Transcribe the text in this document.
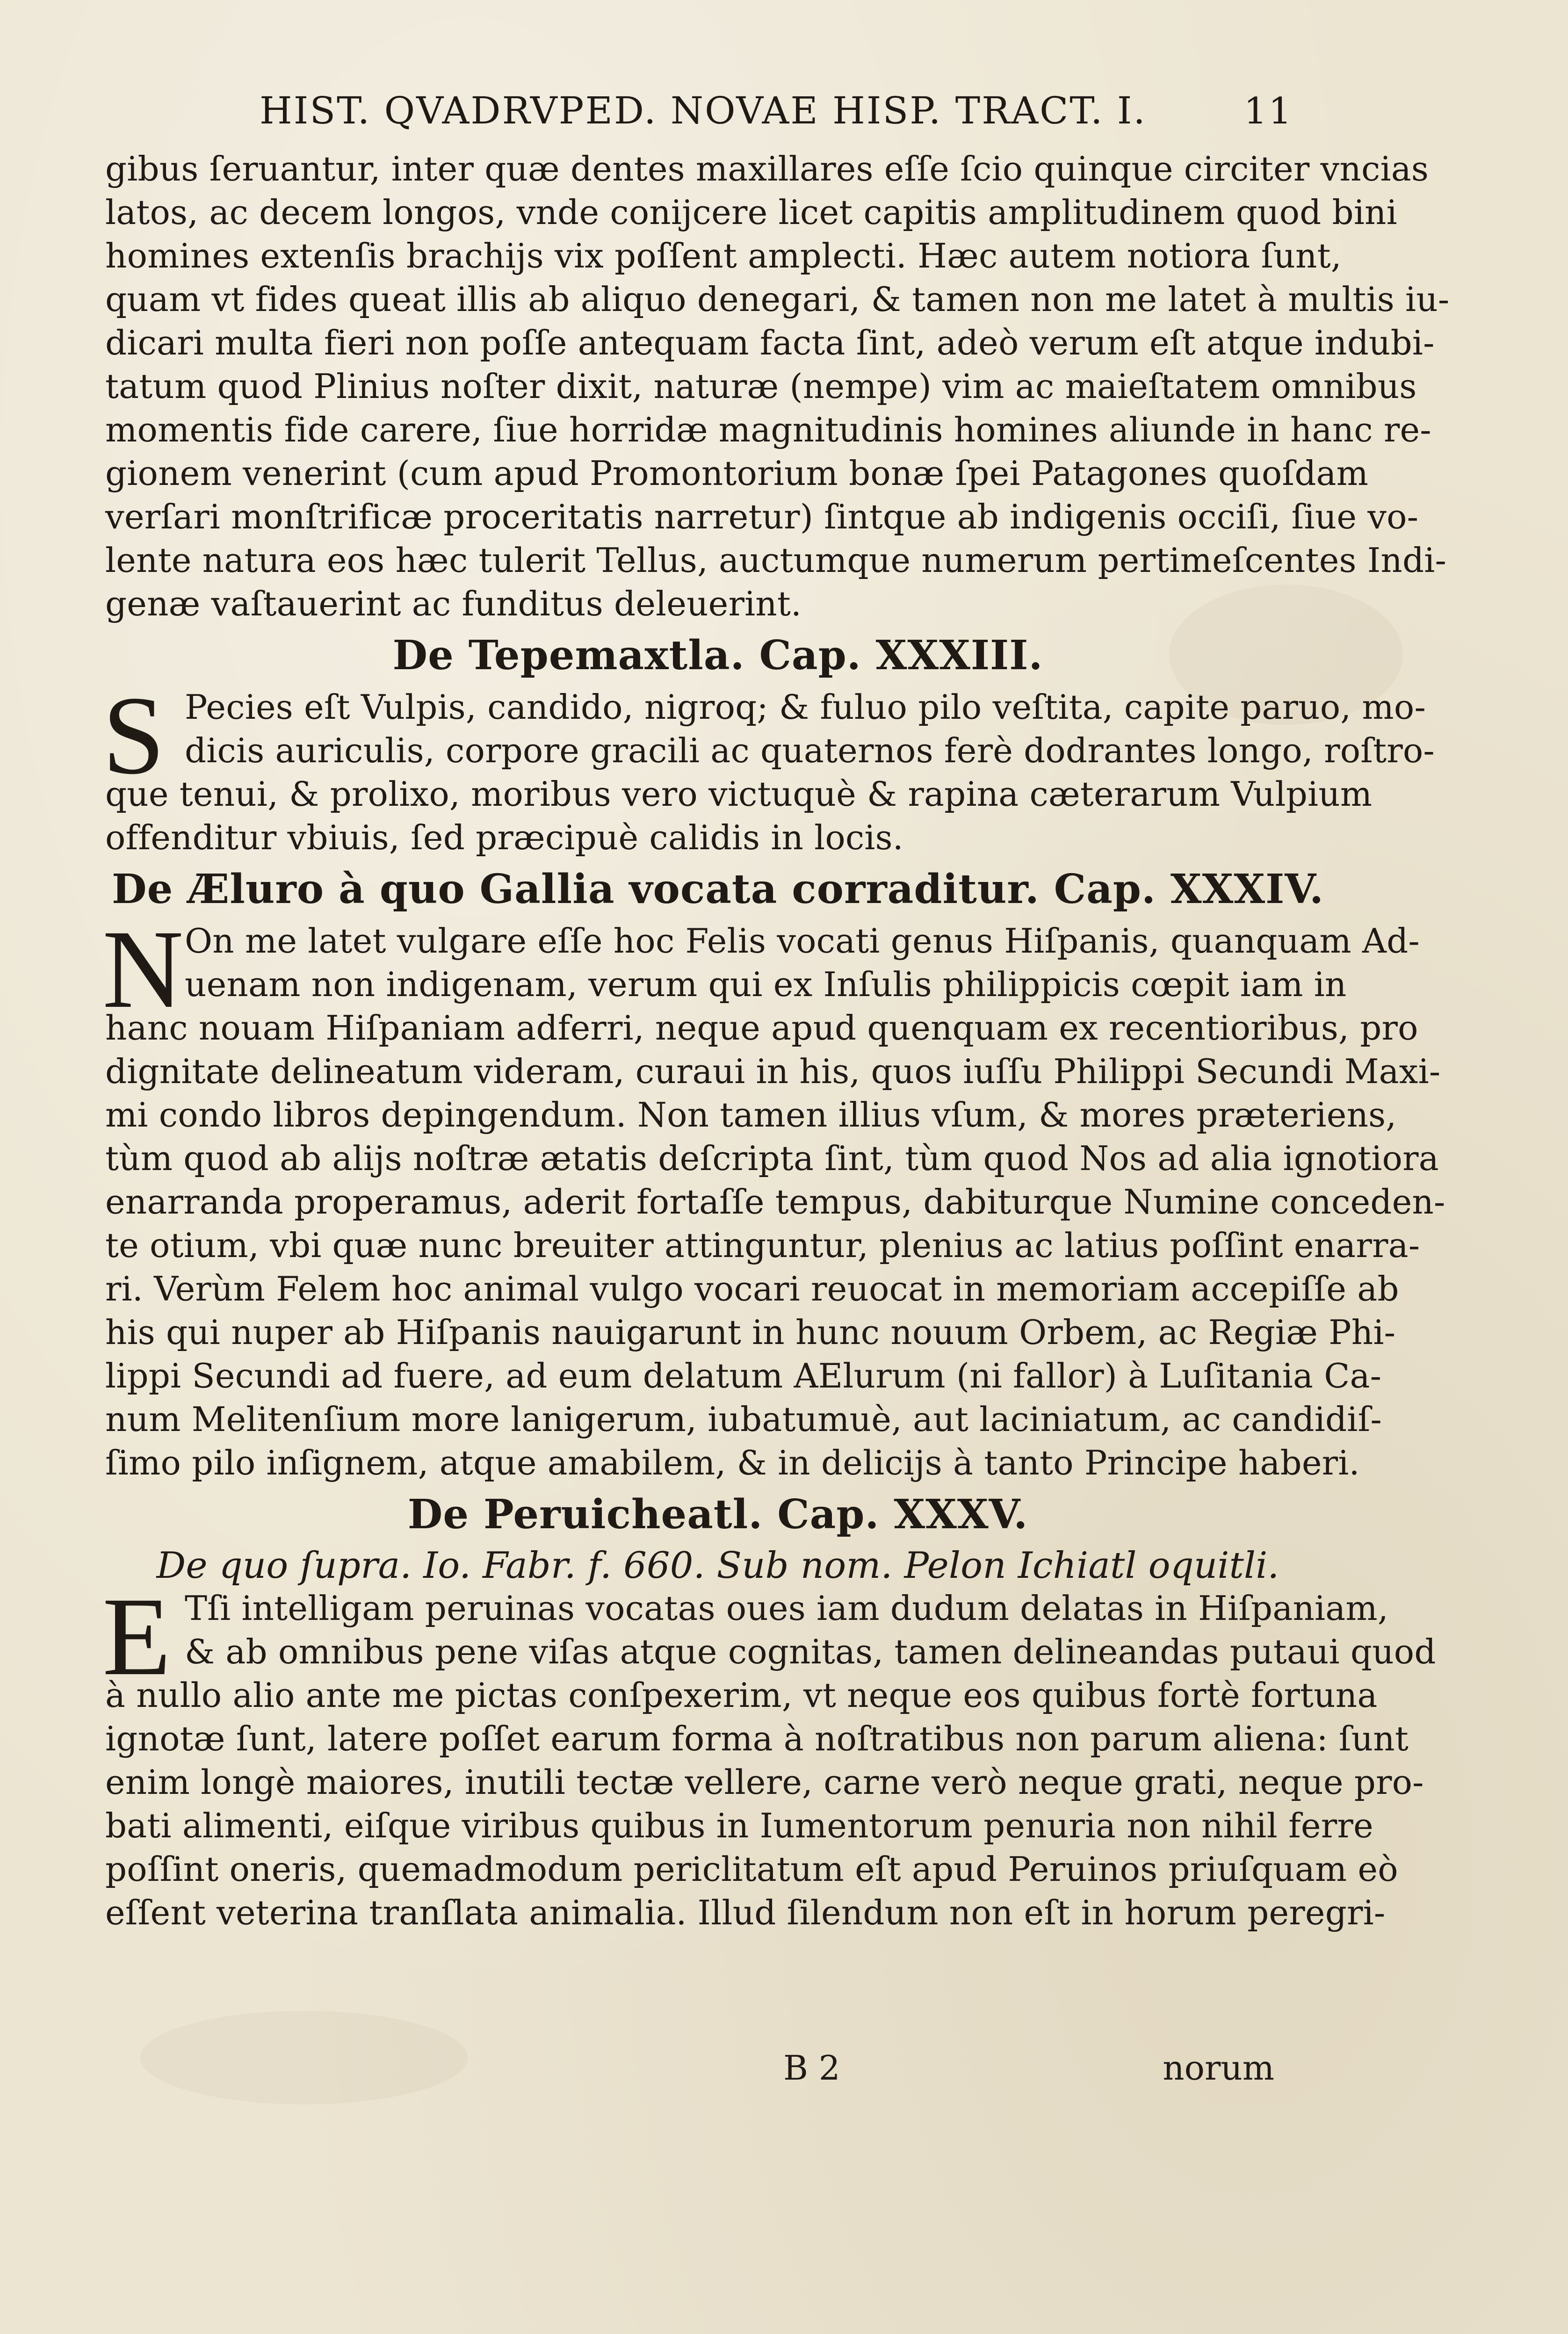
HIST. QVADRVPED. NOVAE HISP. TRACT. I.	11
gibus ſeruantur, inter quæ dentes maxillares eſſe ſcio quinque circiter vncias
latos, ac decem longos, vnde conijcere licet capitis amplitudinem quod bini
homines extenſis brachijs vix poſſent amplecti. Hæc autem notiora ſunt,
quam vt fides queat illis ab aliquo denegari, & tamen non me latet à multis iu-
dicari multa fieri non poſſe antequam facta ſint, adeò verum eſt atque indubi-
tatum quod Plinius noſter dixit, naturæ (nempe) vim ac maieſtatem omnibus
momentis fide carere, ſiue horridæ magnitudinis homines aliunde in hanc re-
gionem venerint (cum apud Promontorium bonæ ſpei Patagones quoſdam
verſari monſtrificæ proceritatis narretur) ſintque ab indigenis occiſi, ſiue vo-
lente natura eos hæc tulerit Tellus, auctumque numerum pertimeſcentes Indi-
genæ vaſtauerint ac funditus deleuerint.
De Tepemaxtla. Cap. XXXIII.
S Pecies eſt Vulpis, candido, nigroq; & fuluo pilo veſtita, capite paruo, mo-
dicis auriculis, corpore gracili ac quaternos ferè dodrantes longo, roſtro-
que tenui, & prolixo, moribus vero victuquè & rapina cæterarum Vulpium
offenditur vbiuis, ſed præcipuè calidis in locis.
De Æluro à quo Gallia vocata corraditur. Cap. XXXIV.
N On me latet vulgare eſſe hoc Felis vocati genus Hiſpanis, quanquam Ad-
uenam non indigenam, verum qui ex Inſulis philippicis cœpit iam in
hanc nouam Hiſpaniam adferri, neque apud quenquam ex recentioribus, pro
dignitate delineatum videram, curaui in his, quos iuſſu Philippi Secundi Maxi-
mi condo libros depingendum. Non tamen illius vſum, & mores præteriens,
tùm quod ab alijs noſtræ ætatis deſcripta ſint, tùm quod Nos ad alia ignotiora
enarranda properamus, aderit fortaſſe tempus, dabiturque Numine conceden-
te otium, vbi quæ nunc breuiter attinguntur, plenius ac latius poſſint enarra-
ri. Verùm Felem hoc animal vulgo vocari reuocat in memoriam accepiſſe ab
his qui nuper ab Hiſpanis nauigarunt in hunc nouum Orbem, ac Regiæ Phi-
lippi Secundi ad fuere, ad eum delatum AElurum (ni fallor) à Luſitania Ca-
num Melitenſium more lanigerum, iubatumuè, aut laciniatum, ac candidiſ-
ſimo pilo inſignem, atque amabilem, & in delicijs à tanto Principe haberi.
De Peruicheatl. Cap. XXXV.
De quo ſupra. Io. Fabr. f. 660. Sub nom. Pelon Ichiatl oquitli.
E Tſi intelligam peruinas vocatas oues iam dudum delatas in Hiſpaniam,
& ab omnibus pene viſas atque cognitas, tamen delineandas putaui quod
à nullo alio ante me pictas conſpexerim, vt neque eos quibus fortè fortuna
ignotæ ſunt, latere poſſet earum forma à noſtratibus non parum aliena: ſunt
enim longè maiores, inutili tectæ vellere, carne verò neque grati, neque pro-
bati alimenti, eiſque viribus quibus in Iumentorum penuria non nihil ferre
poſſint oneris, quemadmodum periclitatum eſt apud Peruinos priuſquam eò
eſſent veterina tranſlata animalia. Illud ſilendum non eſt in horum peregri-
B 2	norum
